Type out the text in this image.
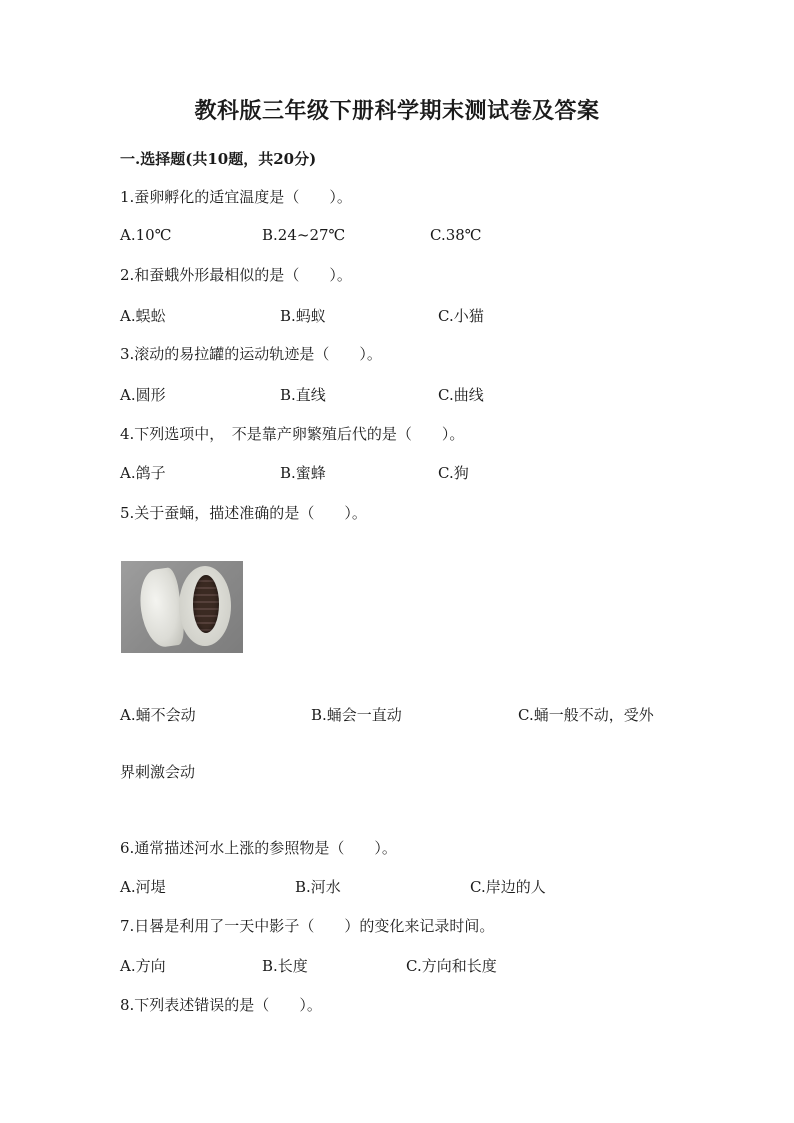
教科版三年级下册科学期末测试卷及答案
一.选择题(共10题，共20分)
1.蚕卵孵化的适宜温度是（　　）。
A.10℃	B.24~27℃	C.38℃
2.和蚕蛾外形最相似的是（　　）。
A.蜈蚣	B.蚂蚁	C.小猫
3.滚动的易拉罐的运动轨迹是（　　）。
A.圆形	B.直线	C.曲线
4.下列选项中，　不是靠产卵繁殖后代的是（　　）。
A.鸽子	B.蜜蜂	C.狗
5.关于蚕蛹，描述准确的是（　　）。
A.蛹不会动	B.蛹会一直动	C.蛹一般不动，受外
界刺激会动
6.通常描述河水上涨的参照物是（　　）。
A.河堤	B.河水	C.岸边的人
7.日晷是利用了一天中影子（　　）的变化来记录时间。
A.方向	B.长度	C.方向和长度
8.下列表述错误的是（　　）。
